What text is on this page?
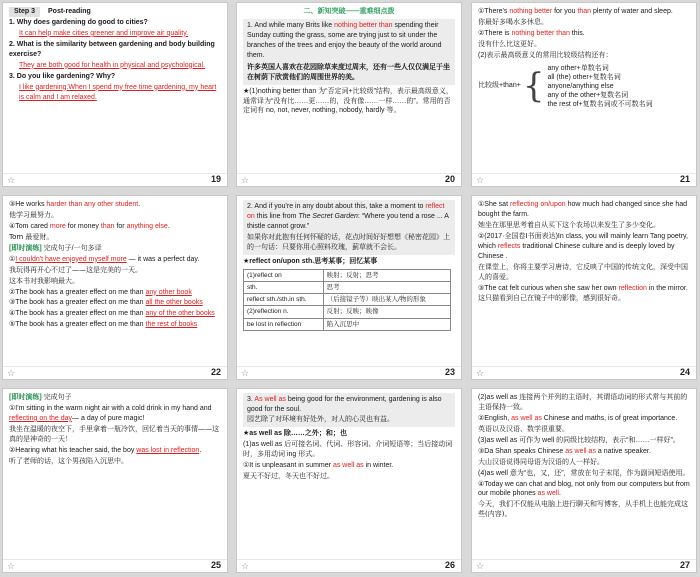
Step 3 Post-reading
1. Why does gardening do good to cities?
It can help make cities greener and improve air quality.
2. What is the similarity between gardening and body building exercise?
They are both good for health in physical and psychological.
3. Do you like gardening? Why?
I like gardening.When I spend my free time gardening, my heart is calm and I am relaxed.
☆	19
二、新知突破——重难细点拨
1. And while many Brits like nothing better than spending their Sunday cutting the grass, some are trying just to sit under the branches of the trees and enjoy the beauty of the world around them.
许多英国人喜欢在花园除草来度过周末，还有一些人仅仅满足于坐在树荫下欣赏他们的周围世界的美。
★(1)nothing better than 为“否定词+比较级”结构，表示最高级意义，通常译为“没有比……更……的，没有像……一样……的”。常用的否定词有 no, not, never, nothing, nobody, hardly 等。
☆	20
①There's nothing better for you than plenty of water and sleep.
你最好多喝水多休息。
②There is nothing better than this.
没有什么比这更好。
(2)表示最高级意义的常用比较级结构还有：
比较级+than+ { any other+单数名词
all (the) other+复数名词
anyone/anything else
any of the other+复数名词
the rest of+复数名词或不可数名词
☆	21
③He works harder than any other student.
他学习最努力。
④Tom cared more for money than for anything else.
Tom 最爱财。
[即时演练] 完成句子/一句多译
①I couldn't have enjoyed myself more — it was a perfect day.
我玩得再开心不过了——这是完美的一天。
这本书对我影响最大。
②The book has a greater effect on me than any other book
③The book has a greater effect on me than all the other books
④The book has a greater effect on me than any of the other books
⑤The book has a greater effect on me than the rest of books
☆	22
2. And if you're in any doubt about this, take a moment to reflect on this line from The Secret Garden: “Where you tend a rose ... A thistle cannot grow.”
如果你对此抱有任何怀疑的话，花点时间好好想想《秘密花园》上的一句话：只要你用心照料玫瑰，蓟草就不会长。
★reflect on/upon sth.思考某事；回忆某事
(1)reflect on	映射；反射；思考
sth.	思考
reflect sth./sth.in sth.	（后接镜子等）映出某人/物的形象
(2)reflection n.	反射；反映；映像
be lost in reflection	陷入沉思中
☆	23
①She sat reflecting on/upon how much had changed since she had bought the farm.
她坐在那里思考着自从买下这个农场以来发生了多少变化。
②(2017·全国卷Ⅰ书面表达)In class, you will mainly learn Tang poetry, which reflects traditional Chinese culture and is deeply loved by Chinese .
在课堂上，你将主要学习唐诗，它反映了中国的传统文化，深受中国人的喜爱。
③The cat felt curious when she saw her own reflection in the mirror.
这只猫看到自己在镜子中的影像，感到很好奇。
☆	24
[即时演练] 完成句子
①I'm sitting in the warm night air with a cold drink in my hand and reflecting on the day— a day of pure magic!
我坐在温暖的夜空下，手里拿着一瓶冷饮，回忆着当天的事情——这真的是神奇的一天！
②Hearing what his teacher said, the boy was lost in reflection.
听了老师的话，这个男孩陷入沉思中。
☆	25
3. As well as being good for the environment, gardening is also good for the soul.
园艺除了对环境有好处外，对人的心灵也有益。
★as well as 除……之外；和；也
(1)as well as 后可接名词、代词、形容词、介词短语等；当后接动词时，多用动词 ing 形式。
①It is unpleasant in summer as well as in winter.
夏天不好过，冬天也不好过。
☆	26
(2)as well as 连接两个并列的主语时，其谓语动词的形式常与其前的主语保持一致。
②English, as well as Chinese and maths, is of great importance.
英语以及汉语、数学很重要。
(3)as well as 可作为 well 的同级比较结构，表示“和……一样好”。
③Da Shan speaks Chinese as well as a native speaker.
大山汉语说得同母语为汉语的人一样好。
(4)as well 意为“也，又，还”，常放在句子末尾，作为副词短语使用。
④Today we can chat and blog, not only from our computers but from our mobile phones as well.
今天，我们不仅能从电脑上进行聊天和写博客，从手机上也能完成这些(内容)。
☆	27
